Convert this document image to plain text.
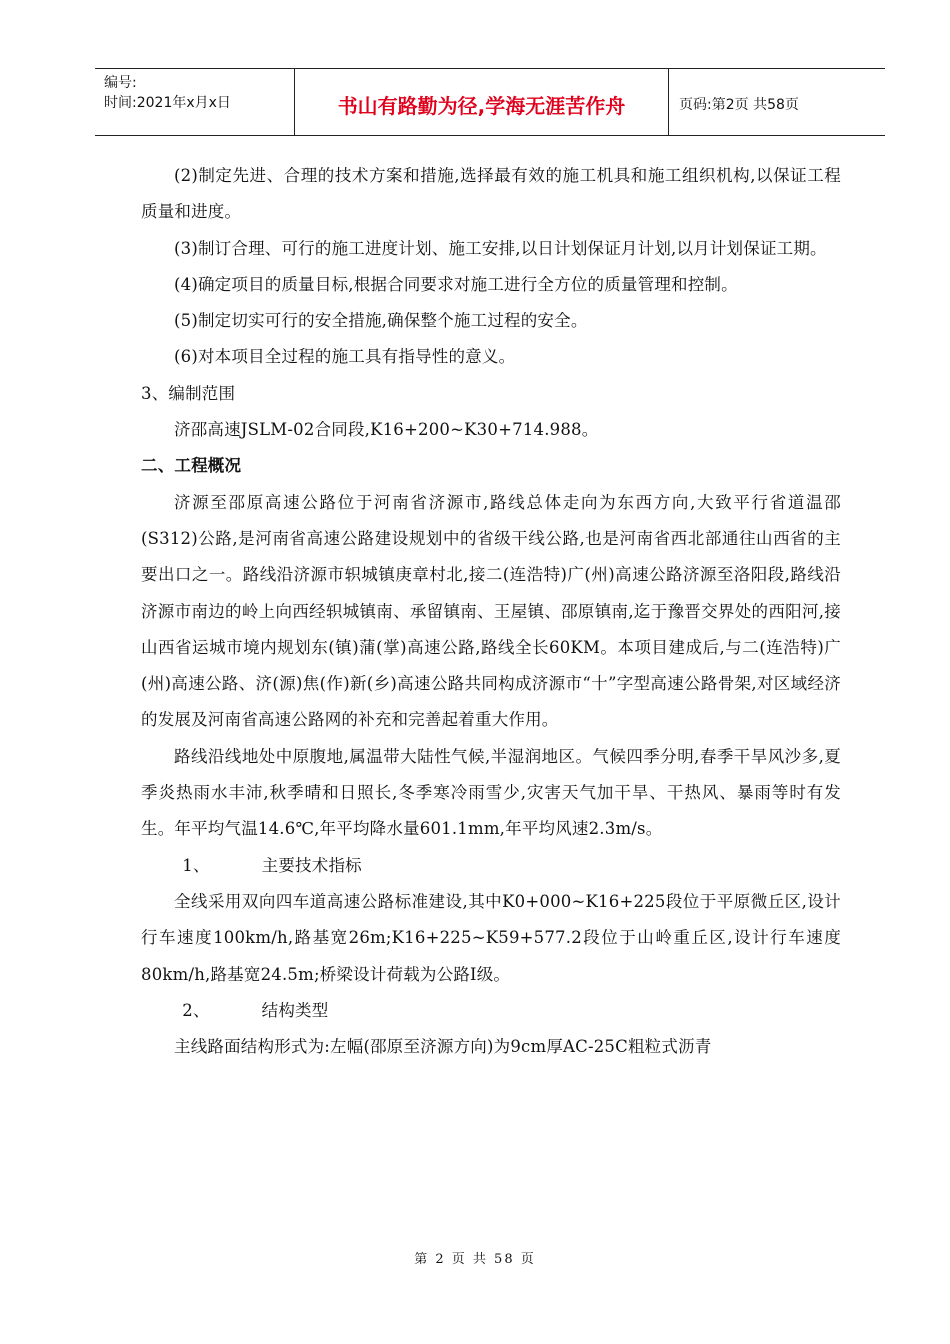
编号:
时间:2021年x月x日	书山有路勤为径,学海无涯苦作舟	页码:第2页 共58页

(2)制定先进、合理的技术方案和措施,选择最有效的施工机具和施工组织机构,以保证工程质量和进度。

(3)制订合理、可行的施工进度计划、施工安排,以日计划保证月计划,以月计划保证工期。

(4)确定项目的质量目标,根据合同要求对施工进行全方位的质量管理和控制。

(5)制定切实可行的安全措施,确保整个施工过程的安全。

(6)对本项目全过程的施工具有指导性的意义。

3、编制范围

济邵高速JSLM-02合同段,K16+200~K30+714.988。

二、工程概况

济源至邵原高速公路位于河南省济源市,路线总体走向为东西方向,大致平行省道温邵(S312)公路,是河南省高速公路建设规划中的省级干线公路,也是河南省西北部通往山西省的主要出口之一。路线沿济源市轵城镇庚章村北,接二(连浩特)广(州)高速公路济源至洛阳段,路线沿济源市南边的岭上向西经轵城镇南、承留镇南、王屋镇、邵原镇南,迄于豫晋交界处的西阳河,接山西省运城市境内规划东(镇)蒲(掌)高速公路,路线全长60KM。本项目建成后,与二(连浩特)广(州)高速公路、济(源)焦(作)新(乡)高速公路共同构成济源市“十”字型高速公路骨架,对区域经济的发展及河南省高速公路网的补充和完善起着重大作用。

路线沿线地处中原腹地,属温带大陆性气候,半湿润地区。气候四季分明,春季干旱风沙多,夏季炎热雨水丰沛,秋季晴和日照长,冬季寒冷雨雪少,灾害天气加干旱、干热风、暴雨等时有发生。年平均气温14.6℃,年平均降水量601.1mm,年平均风速2.3m/s。

1、	主要技术指标

全线采用双向四车道高速公路标准建设,其中K0+000~K16+225段位于平原微丘区,设计行车速度100km/h,路基宽26m;K16+225~K59+577.2段位于山岭重丘区,设计行车速度80km/h,路基宽24.5m;桥梁设计荷载为公路Ⅰ级。

2、	结构类型

主线路面结构形式为:左幅(邵原至济源方向)为9cm厚AC-25C粗粒式沥青

第 2 页 共 58 页
